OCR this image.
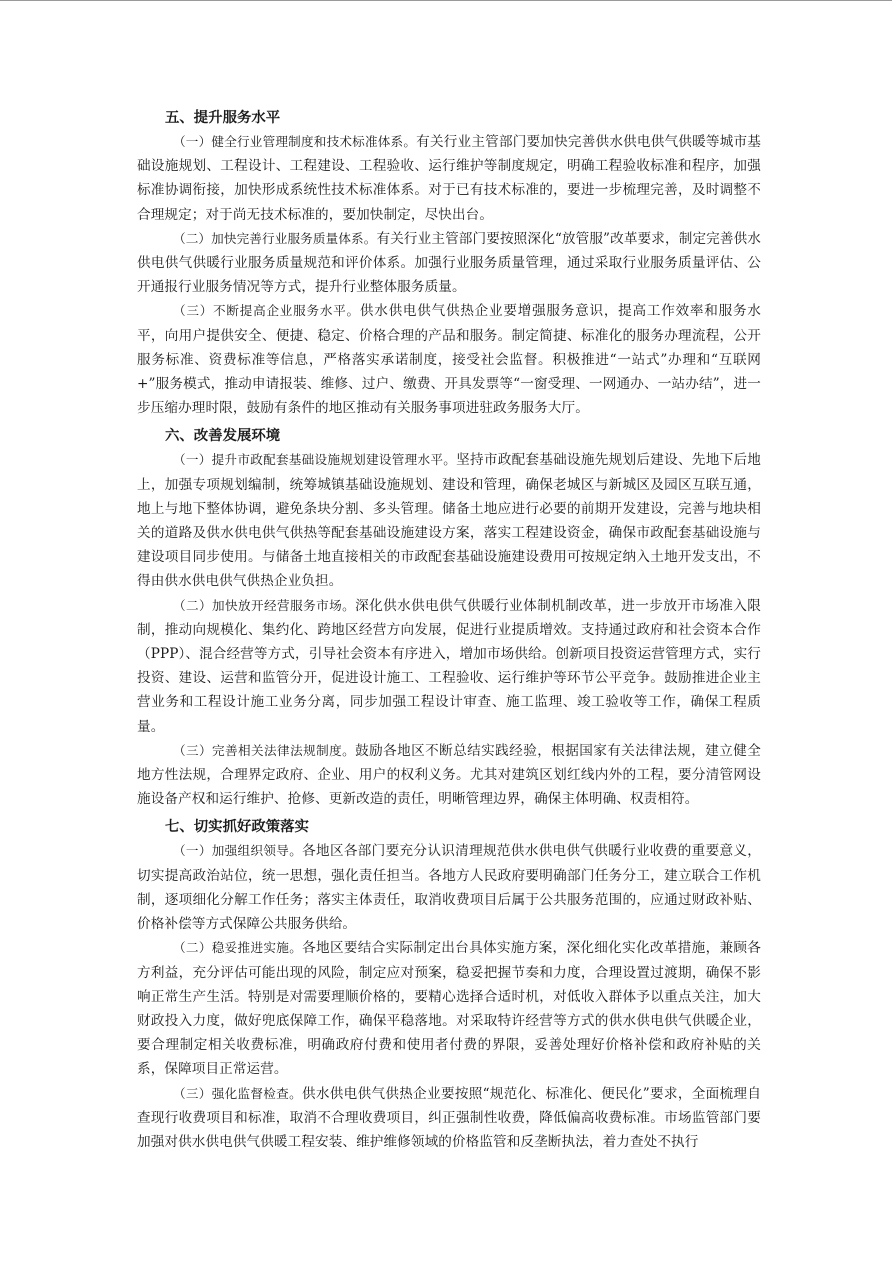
五、提升服务水平

（一）健全行业管理制度和技术标准体系。有关行业主管部门要加快完善供水供电供气供暖等城市基础设施规划、工程设计、工程建设、工程验收、运行维护等制度规定，明确工程验收标准和程序，加强标准协调衔接，加快形成系统性技术标准体系。对于已有技术标准的，要进一步梳理完善，及时调整不合理规定；对于尚无技术标准的，要加快制定，尽快出台。

（二）加快完善行业服务质量体系。有关行业主管部门要按照深化“放管服”改革要求，制定完善供水供电供气供暖行业服务质量规范和评价体系。加强行业服务质量管理，通过采取行业服务质量评估、公开通报行业服务情况等方式，提升行业整体服务质量。

（三）不断提高企业服务水平。供水供电供气供热企业要增强服务意识，提高工作效率和服务水平，向用户提供安全、便捷、稳定、价格合理的产品和服务。制定简捷、标准化的服务办理流程，公开服务标准、资费标准等信息，严格落实承诺制度，接受社会监督。积极推进“一站式”办理和“互联网+”服务模式，推动申请报装、维修、过户、缴费、开具发票等“一窗受理、一网通办、一站办结”，进一步压缩办理时限，鼓励有条件的地区推动有关服务事项进驻政务服务大厅。

六、改善发展环境

（一）提升市政配套基础设施规划建设管理水平。坚持市政配套基础设施先规划后建设、先地下后地上，加强专项规划编制，统筹城镇基础设施规划、建设和管理，确保老城区与新城区及园区互联互通，地上与地下整体协调，避免条块分割、多头管理。储备土地应进行必要的前期开发建设，完善与地块相关的道路及供水供电供气供热等配套基础设施建设方案，落实工程建设资金，确保市政配套基础设施与建设项目同步使用。与储备土地直接相关的市政配套基础设施建设费用可按规定纳入土地开发支出，不得由供水供电供气供热企业负担。

（二）加快放开经营服务市场。深化供水供电供气供暖行业体制机制改革，进一步放开市场准入限制，推动向规模化、集约化、跨地区经营方向发展，促进行业提质增效。支持通过政府和社会资本合作（PPP）、混合经营等方式，引导社会资本有序进入，增加市场供给。创新项目投资运营管理方式，实行投资、建设、运营和监管分开，促进设计施工、工程验收、运行维护等环节公平竞争。鼓励推进企业主营业务和工程设计施工业务分离，同步加强工程设计审查、施工监理、竣工验收等工作，确保工程质量。

（三）完善相关法律法规制度。鼓励各地区不断总结实践经验，根据国家有关法律法规，建立健全地方性法规，合理界定政府、企业、用户的权利义务。尤其对建筑区划红线内外的工程，要分清管网设施设备产权和运行维护、抢修、更新改造的责任，明晰管理边界，确保主体明确、权责相符。

七、切实抓好政策落实

（一）加强组织领导。各地区各部门要充分认识清理规范供水供电供气供暖行业收费的重要意义，切实提高政治站位，统一思想，强化责任担当。各地方人民政府要明确部门任务分工，建立联合工作机制，逐项细化分解工作任务；落实主体责任，取消收费项目后属于公共服务范围的，应通过财政补贴、价格补偿等方式保障公共服务供给。

（二）稳妥推进实施。各地区要结合实际制定出台具体实施方案，深化细化实化改革措施，兼顾各方利益，充分评估可能出现的风险，制定应对预案，稳妥把握节奏和力度，合理设置过渡期，确保不影响正常生产生活。特别是对需要理顺价格的，要精心选择合适时机，对低收入群体予以重点关注，加大财政投入力度，做好兜底保障工作，确保平稳落地。对采取特许经营等方式的供水供电供气供暖企业，要合理制定相关收费标准，明确政府付费和使用者付费的界限，妥善处理好价格补偿和政府补贴的关系，保障项目正常运营。

（三）强化监督检查。供水供电供气供热企业要按照“规范化、标准化、便民化”要求，全面梳理自查现行收费项目和标准，取消不合理收费项目，纠正强制性收费，降低偏高收费标准。市场监管部门要加强对供水供电供气供暖工程安装、维护维修领域的价格监管和反垄断执法，着力查处不执行
